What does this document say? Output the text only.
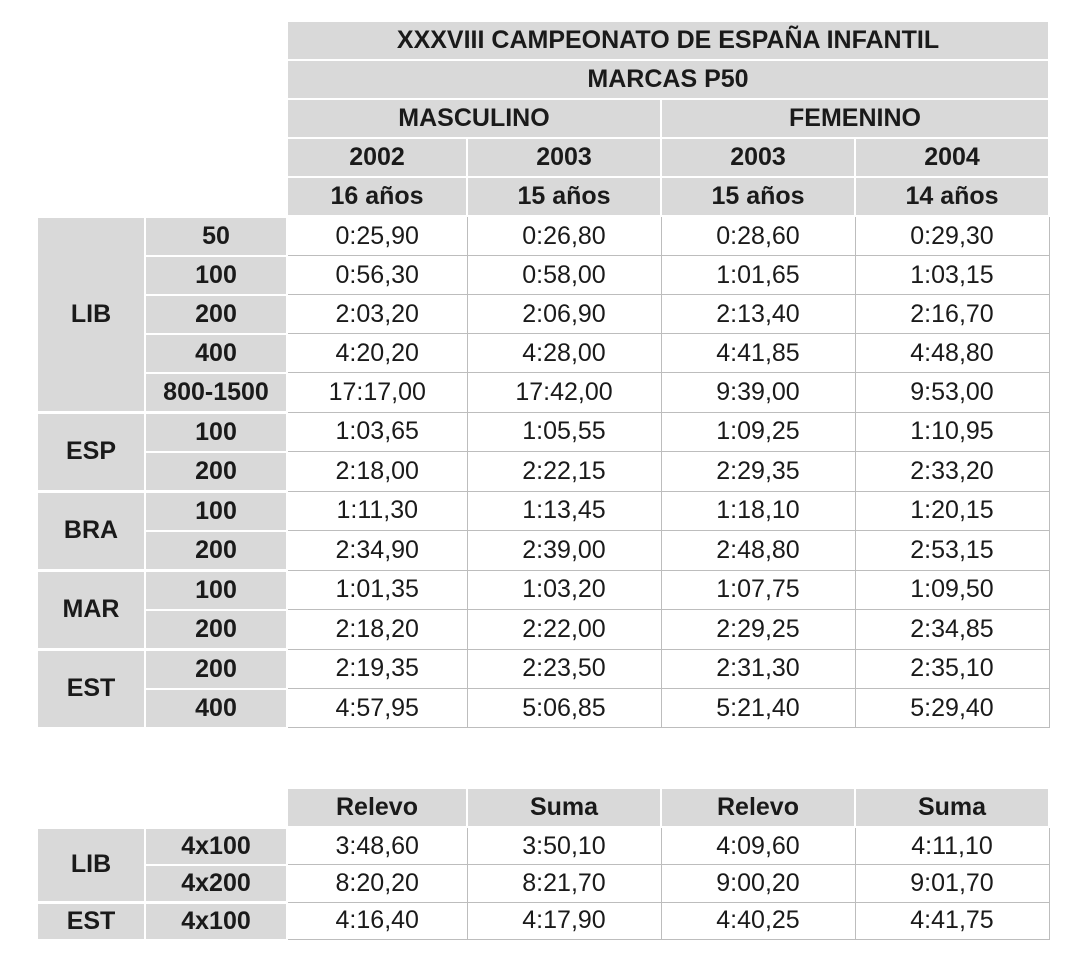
		XXXVIII CAMPEONATO DE ESPAÑA INFANTIL			
		MARCAS P50			
		MASCULINO		FEMENINO	
		2002	2003	2003	2004
		16 años	15 años	15 años	14 años
LIB	50	0:25,90	0:26,80	0:28,60	0:29,30
	100	0:56,30	0:58,00	1:01,65	1:03,15
	200	2:03,20	2:06,90	2:13,40	2:16,70
	400	4:20,20	4:28,00	4:41,85	4:48,80
	800-1500	17:17,00	17:42,00	9:39,00	9:53,00
ESP	100	1:03,65	1:05,55	1:09,25	1:10,95
	200	2:18,00	2:22,15	2:29,35	2:33,20
BRA	100	1:11,30	1:13,45	1:18,10	1:20,15
	200	2:34,90	2:39,00	2:48,80	2:53,15
MAR	100	1:01,35	1:03,20	1:07,75	1:09,50
	200	2:18,20	2:22,00	2:29,25	2:34,85
EST	200	2:19,35	2:23,50	2:31,30	2:35,10
	400	4:57,95	5:06,85	5:21,40	5:29,40
		Relevo	Suma	Relevo	Suma
LIB	4x100	3:48,60	3:50,10	4:09,60	4:11,10
	4x200	8:20,20	8:21,70	9:00,20	9:01,70
EST	4x100	4:16,40	4:17,90	4:40,25	4:41,75
